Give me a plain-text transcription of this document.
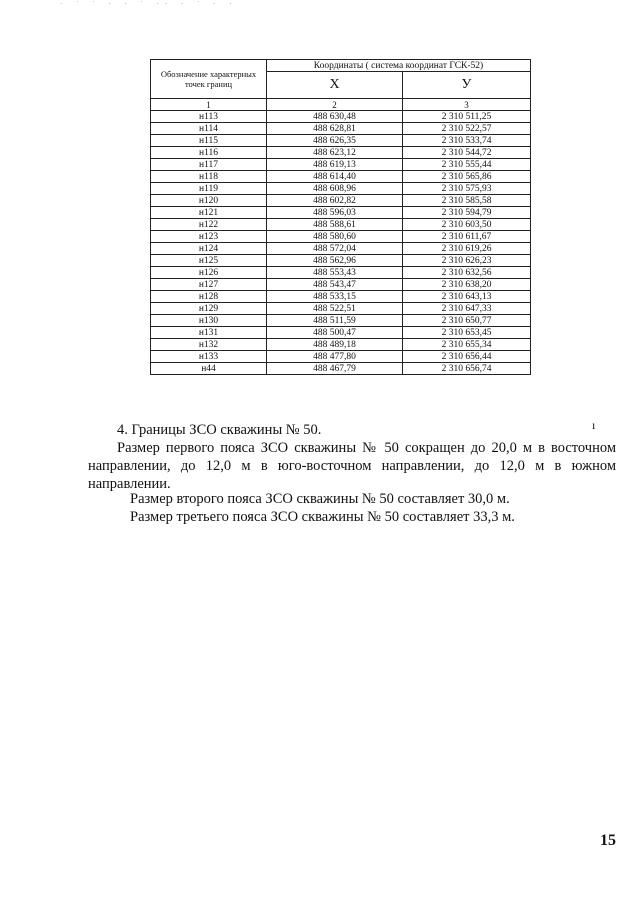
· ˙ ˙ · · ˙ ·· · ˙ · ·
Обозначение характерных точек границ	Координаты ( система координат ГСК-52)	
	X	У
1	2	3
н113	488 630,48	2 310 511,25
н114	488 628,81	2 310 522,57
н115	488 626,35	2 310 533,74
н116	488 623,12	2 310 544,72
н117	488 619,13	2 310 555,44
н118	488 614,40	2 310 565,86
н119	488 608,96	2 310 575,93
н120	488 602,82	2 310 585,58
н121	488 596,03	2 310 594,79
н122	488 588,61	2 310 603,50
н123	488 580,60	2 310 611,67
н124	488 572,04	2 310 619,26
н125	488 562,96	2 310 626,23
н126	488 553,43	2 310 632,56
н127	488 543,47	2 310 638,20
н128	488 533,15	2 310 643,13
н129	488 522,51	2 310 647,33
н130	488 511,59	2 310 650,77
н131	488 500,47	2 310 653,45
н132	488 489,18	2 310 655,34
н133	488 477,80	2 310 656,44
н44	488 467,79	2 310 656,74
4. Границы ЗСО скважины № 50.	ı
Размер первого пояса ЗСО скважины № 50 сокращен до 20,0 м в восточном направлении, до 12,0 м в юго-восточном направлении, до 12,0 м в южном направлении.
Размер второго пояса ЗСО скважины № 50 составляет 30,0 м.
Размер третьего пояса ЗСО скважины № 50 составляет 33,3 м.
15
